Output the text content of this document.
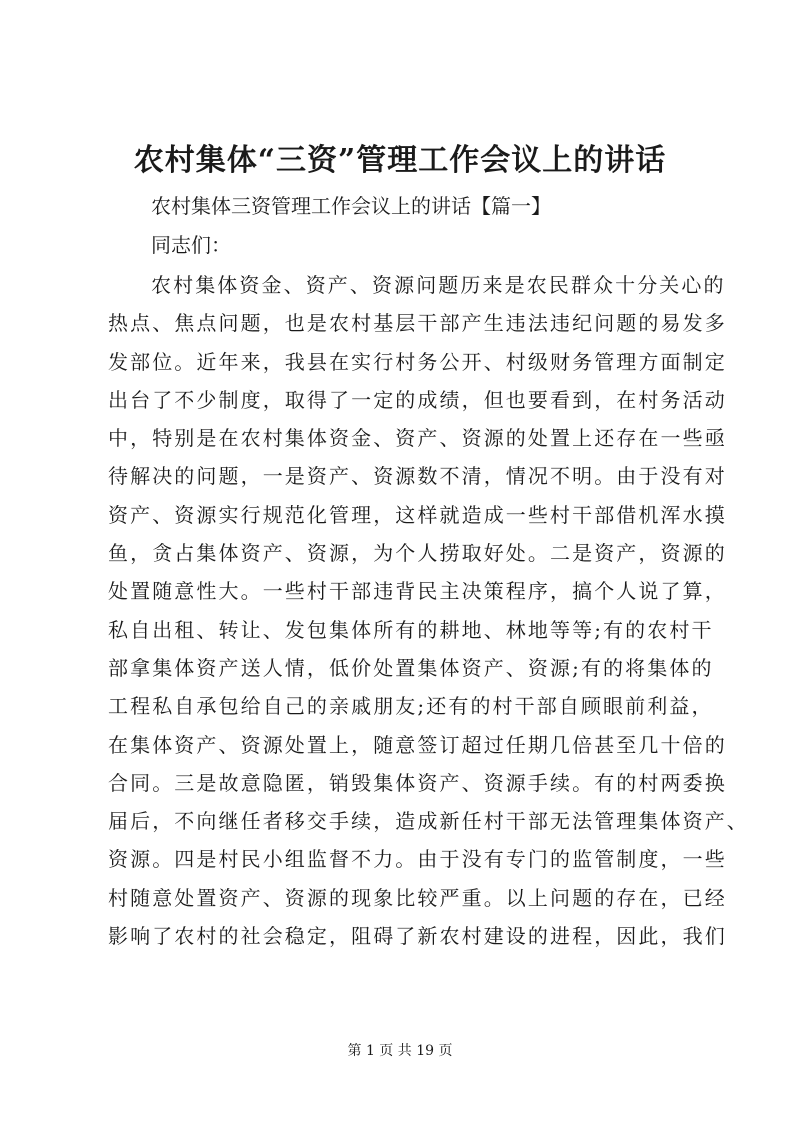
农村集体“三资”管理工作会议上的讲话
农村集体三资管理工作会议上的讲话【篇一】
同志们：
农村集体资金、资产、资源问题历来是农民群众十分关心的
热点、焦点问题，也是农村基层干部产生违法违纪问题的易发多
发部位。近年来，我县在实行村务公开、村级财务管理方面制定
出台了不少制度，取得了一定的成绩，但也要看到，在村务活动
中，特别是在农村集体资金、资产、资源的处置上还存在一些亟
待解决的问题，一是资产、资源数不清，情况不明。由于没有对
资产、资源实行规范化管理，这样就造成一些村干部借机浑水摸
鱼，贪占集体资产、资源，为个人捞取好处。二是资产，资源的
处置随意性大。一些村干部违背民主决策程序，搞个人说了算，
私自出租、转让、发包集体所有的耕地、林地等等;有的农村干
部拿集体资产送人情，低价处置集体资产、资源;有的将集体的
工程私自承包给自己的亲戚朋友;还有的村干部自顾眼前利益，
在集体资产、资源处置上，随意签订超过任期几倍甚至几十倍的
合同。三是故意隐匿，销毁集体资产、资源手续。有的村两委换
届后，不向继任者移交手续，造成新任村干部无法管理集体资产、
资源。四是村民小组监督不力。由于没有专门的监管制度，一些
村随意处置资产、资源的现象比较严重。以上问题的存在，已经
影响了农村的社会稳定，阻碍了新农村建设的进程，因此，我们
第 1 页 共 19 页
